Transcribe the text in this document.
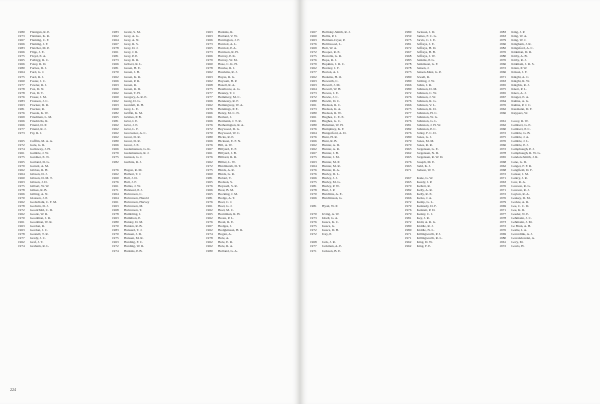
1980	Flanigan, R. P.
1973	Flatman, K. R.
1967	Fleming, C. F.
1966	Fleming, J. F.
1983	Fletcher, M. P.
1966	Flipp, J. E.
1975	Floyd, E. A.
1965	Folbigg, R. C.
1966	Foley, R. D.
1980	Forbes, D. J.
1964	Ford, G. J.
1975	Ford, R. J.
1960	Foster, J. C.
1977	Fowler, R. J.
1978	Fox, D. N.
1978	Fox, D. T.
1976	Fraser, J. M.
1983	Fraxson, J. C.
1963	Fracker, D. R.
1981	Frecker, R.
1976	Freeda, K. W.
1969	Friedman, L. M.
1966	Friedrichs, R.
1966	Friend, D. P.
1977	Friend, R. J.
1973	Fry, R. J.
1965	Cufflin, M. A. A.
1972	Gale, G. R.
1974	Galloway, J. H.
1961	Gamble, J. W.
1975	Gardner, E. N.
1965	Garland, D. G.
1979	Garrett, A. M.
1962	Gibbes, R. H.
1964	Gibson, D. J.
1960	Gibson, D. M. T.
1963	Gibson, J. D.
1975	Gilbert, W. W.
1978	Gilkes, R. B.
1966	Gilling, A. N.
1970	Glasson, J. P.
1962	Godschalk, C. F. M.
1978	Godwin, D. J.
1972	Goodchild, C. D.
1962	Goode, W. R.
1970	Goodman, J. R.
1961	Goodman, W. R.
1963	Gordon, R.
1963	Gordon, J. C.
1978	Gosnell, T. R.
1977	Grady, J. C.
1962	Graf, J. T.
1974	Graham, R. L.
1983	Grant, S. M.
1962	Gray, A. G.
1964	Gray, A. N.
1967	Gray, R. S.
1978	Gray, D. J.
1961	Gray, J. R.
1981	Gray, P. P.
1973	Gray, R. R.
1966	Gribert, R. L.
1981	Green, H. E.
1970	Green, J. B.
1962	Green, K. R.
1966	Green, P. R.
1963	Green, R.
1966	Green, R. D.
1962	Green, T. H.
1960	Gregory, A. R. E.
1962	Greig, D. G.
1963	Grenfell, R. H.
1960	Grey, L. E.
1982	Griffin, K. M.
1965	Grimes, P. B.
1981	Grist, I. E.
1962	Grist, J. E.
1962	Grist, L. F.
1962	Grosvenor, A. C.
1962	Grout, D. R.
1980	Grout, D. R.
1966	Grout, J. E.
1966	Gudemanson, G. K.
1979	Gudemanson, R. J.
1975	Gunson, G. J.
1982	Guthrie, R. J.
1976	Hagon, R. M.
1962	Halbert, T. J.
1960	Hall, J. D.
1976	Hall, J. F.
1961	Hallas, J. W.
1971	Halstead, P. J.
1964	Halverson, C.
1964	Halverson, Harold
1961	Halverson, Harvey
1963	Halverson, M.
1968	Halverson, T.
1978	Hambling, J.
1963	Hamilton, P.
1980	Hanley, D. M.
1970	Hanlon, R. B.
1983	Hansard, T. J.
1970	Hansen, J. D.
1975	Hansen, M. R.
1963	Harding, F. C.
1972	Harding, W. R.
1974	Harkins, P. B.
1963	Harkins, R.
1963	Harland, V. W.
1966	Harrington, J. F.
1973	Harriott, A. L.
1965	Harriott, P. A.
1973	Harrison, R. H.
1966	Harvey, P. K.
1979	Harvey, W. M.
1960	Hase, C. K. H.
1978	Hawke, R. J.
1962	Hawkins, R. J.
1963	Hayes, R. G.
1962	Haysom, B. P.
1968	Hazell, R. A.
1975	Heathcote, A. G.
1977	Heaney, T. J.
1977	Hemmery, M. C.
1966	Hennessy, R. F.
1962	Hemingway, W. A.
1976	Hennings, P. E.
1966	Henry, M. C. N.
1961	Herbert, J.
1966	Hermann, J. T. R.
1976	Hetherington, R. A.
1972	Heywood, D. G.
1970	Heywood, W. C.
1980	Hicks, R. E.
1966	Hickson, E. F. N.
1976	Hill, A. W.
1967	Hillyard, E. F.
1961	Hillyard, J. B.
1976	Hilliard, R. R.
1962	Hillier, L. W.
1972	Hindmarsh, D. T.
1975	Hinds, A. R.
1960	Hinds, G. R.
1981	Hobart, T.
1965	Hodson, S.
1976	Hepwell, S. R.
1966	Hoar, B. M.
1965	Hocking, J. M.
1981	Hodge, A. T.
1976	Hoel, C. J.
1961	Hoel, G. J.
1962	Hoel, M. C.
1965	Horniman, R. H.
1962	Hoare, P. L.
1976	Hoatt, R. E.
1967	Hodges, J.
1962	Hodgkinson, H. R.
1974	Hogan, A.
1978	Hole, A.
1962	Hole, E. R.
1962	Hole, R. A.
1980	Holland, G. A.
224
1967	Holliday-Smith, R. J.
1960	Hollis, P. J.
1963	Holman-Cryer, P.
1976	Holmwood, L.
1969	Holt, W. A.
1972	Hooper, R. E.
1975	Horrella, G. R.
1976	Hope, R. J.
1979	Hopkins, J. R. C.
1962	Horsley, J. F.
1977	Horton, A. J.
1962	Hoskins, H. O.
1963	Howarth, C.
1963	Howell, J. M.
1964	Howell, W. H.
1973	Howes, J. E.
1972	Howie, J. C.
1980	Howitt, D. C.
1961	Hudson, R. C.
1973	Hudson, K. A.
1980	Hudson, R. W.
1961	Hughes, C. E. E.
1961	Hughes, G. C.
1980	Hulsman, W. H.
1976	Humphrey, K. F.
1964	Hungerford, A. D.
1976	Hunt, H. R.
1966	Hunt, R. B.
1962	Hunter, A. D.
1962	Hunter, A. R.
1967	Hunter, J. B.
1975	Hunter, J. M.
1963	Hunter, M. P.
1964	Hunter, M. R.
1976	Hunter, R. A.
1976	Hurley, D. L.
1966	Hurley, J. J.
1975	Hurley, M. G.
1981	Hurley, P. W.
1978	Hurt, J. P.
1970	Hutchins, A. E.
1966	Hutchinson, G.
1981	Hyatt, W. P.
1970	Irving, A. W.
1973	Isbell, G. A.
1976	Isaacs, K. C.
1975	Isaacs, G.
1972	Isaacs, D. B.
1972	Ivey, P.
1968	Jack, J. R.
1977	Jackman, A. E.
1971	Jackson, B. E.
1980	Jackson, J. D.
1959	James, F. C. G.
1975	Jarvis, C. J. E.
1981	Jeffreys, J. E.
1972	Jeffreys, H. D.
1967	Jeffreys, B. B.
1968	Jeffreys, J. W.
1983	Jenkins, P. G.
1978	Jenkinson, G. F.
1978	Jensen, J.
1973	Jensen-Mast, G. P.
1980	Jewell, R.
1980	Jobling, J. W.
1966	Johns, J. R.
1980	Johnson, D. M.
1972	Johnson, C. W.
1976	Johnson, J. W.
1976	Johnson, R. G.
1966	Johnson, V. L.
1973	Johnson, R. D.
1977	Johnston, H. C.
1977	Johnston, W. G.
1976	Johnston, G. L.
1981	Johnston, J. H. W.
1982	Johnston, P. C.
1976	Jolley, F. C. D.
1980	Jones, G. J.
1979	Jones, M. M.
1970	Jones, R. R.
1963	Jorgensen, G. E.
1962	Jorgensen, N. D.
1965	Jorgensen, R. W. D.
1976	Joseph, M. E.
1963	Judd, K. J.
1971	Judson, W. T.
1967	Kane, G. W.
1965	Keedy, J. P.
1970	Kellett, R.
1982	Kelly, A. R.
1966	Kelly, R. E.
1966	Kelso, J. A.
1972	Kemp, G. L.
1979	Kennedy, D. F.
1976	Kennett, P. D.
1979	Kenny, C. J.
1981	Key, J. R.
1972	Kidd, A. R. G.
1980	Kiddle, R. J.
1980	Kiddle, N. L.
1971	Killingworth, P. J.
1971	Killingworth, R. L.
1962	King, D. W.
1962	King, F. E.
1983	King, J. P.
1963	King, W. A.
1979	King, W. J.
1966	Kingham, J. R.
1982	Kingsford, A. C.
1976	Kirkman, D. R.
1980	Kirby, A. B.
1976	Kirby, R. J.
1966	Kirkham, J. R. S.
1972	Kiten, P. W.
1966	Kitson, J. F.
1971	Knight, A. C.
1963	Knight, R. W.
1965	Knights, R. J.
1975	Knott, P. L.
1965	Knox, A. J.
1967	Kruger, E. A.
1964	Kuhne, A. G.
1976	Kuhne, P. J. C.
1962	Kusmann, D. F.
1966	Kuypers, W.
1961	Lacey, R. W.
1962	Lambert, G. E.
1960	Lambert, P. C.
1972	Lamble, G. B.
1975	Lamble, J. A.
1976	Lamble, J. L.
1966	Lamble, P. J.
1972	Lamphough, P. J.
1978	Lamphough, R. W. G.
1965	Landon-Smith, J. R.
1968	Lane, G. D.
1962	Langer, F. F. R.
1968	Langfield, D. F.
1972	Lanser, J. M.
1971	Lantry, J. R.
1963	Law, R. A.
1976	Lawson, R. G.
1971	Lawson, R. J.
1972	Layton, R. A.
1976	Leakey, D. M.
1979	Leckie, A. R.
1969	Lee, C. C. D.
1971	Lee, K. R.
1977	Leeder, N. E.
1978	Lehmann, J. C.
1973	Lehmann, J. M.
1972	Le Brun, A. B.
1976	Leslie, I. A.
1969	Leverdink, A. J.
1980	Lewandowski, A.
1961	Levy, M.
1972	Lewis, H.
